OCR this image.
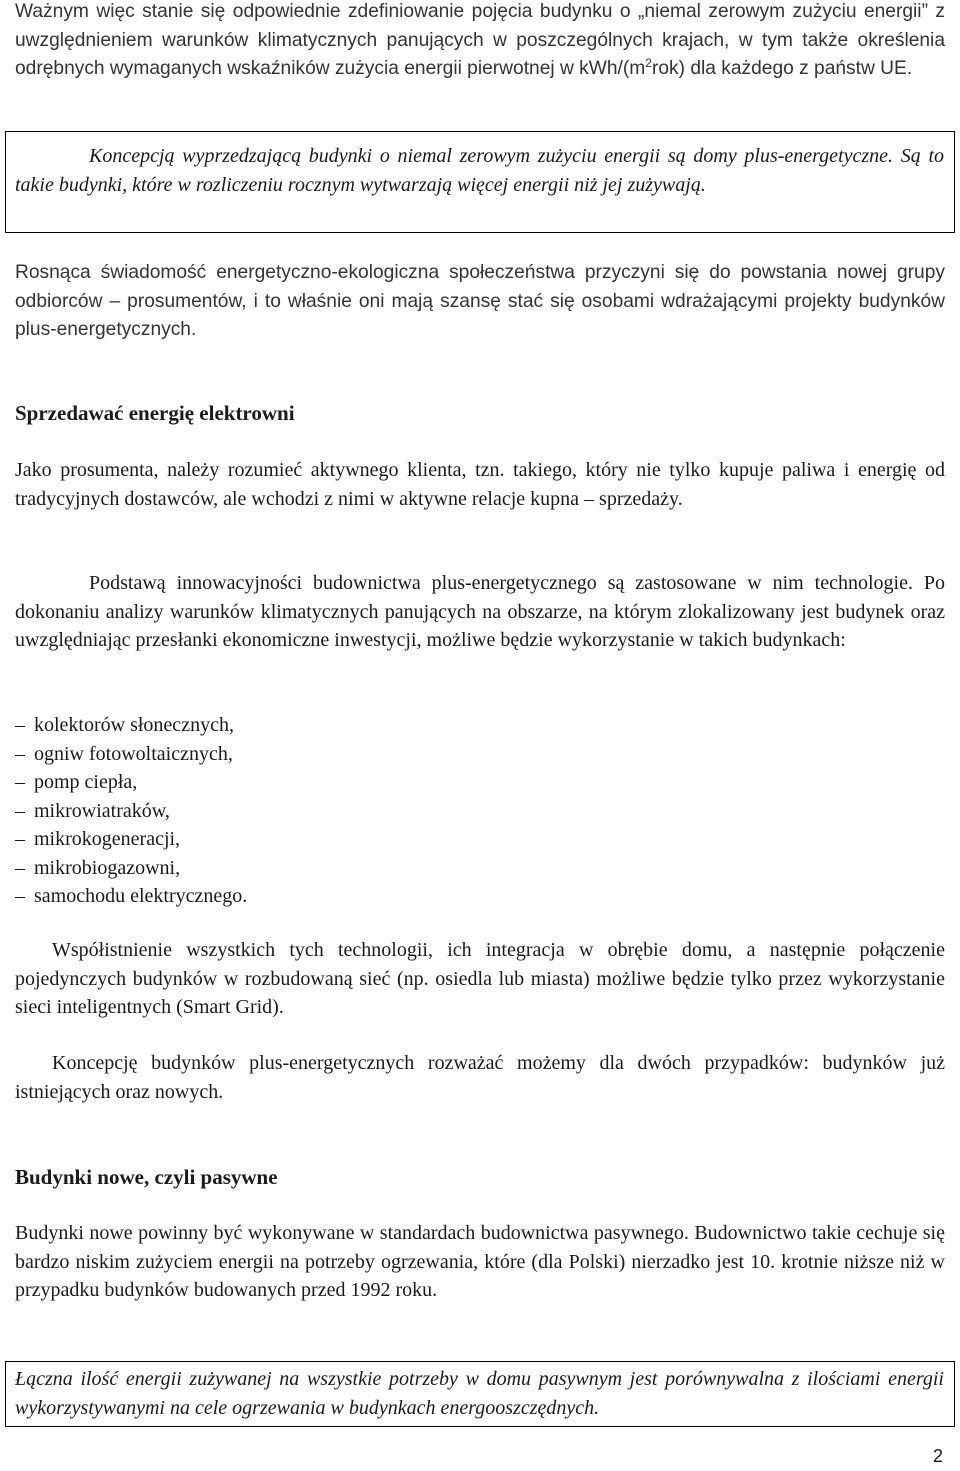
Ważnym więc stanie się odpowiednie zdefiniowanie pojęcia budynku o „niemal zerowym zużyciu energii” z uwzględnieniem warunków klimatycznych panujących w poszczególnych krajach, w tym także określenia odrębnych wymaganych wskaźników zużycia energii pierwotnej w kWh/$(m^2rok)$ dla każdego z państw UE.
Koncepcją wyprzedzającą budynki o niemal zerowym zużyciu energii są domy plus-energetyczne. Są to takie budynki, które w rozliczeniu rocznym wytwarzają więcej energii niż jej zużywają.
Rosnąca świadomość energetyczno-ekologiczna społeczeństwa przyczyni się do powstania nowej grupy odbiorców – prosumentów, i to właśnie oni mają szansę stać się osobami wdrażającymi projekty budynków plus-energetycznych.
Sprzedawać energię elektrowni
Jako prosumenta, należy rozumieć aktywnego klienta, tzn. takiego, który nie tylko kupuje paliwa i energię od tradycyjnych dostawców, ale wchodzi z nimi w aktywne relacje kupna – sprzedaży.
Podstawą innowacyjności budownictwa plus-energetycznego są zastosowane w nim technologie. Po dokonaniu analizy warunków klimatycznych panujących na obszarze, na którym zlokalizowany jest budynek oraz uwzględniając przesłanki ekonomiczne inwestycji, możliwe będzie wykorzystanie w takich budynkach:
– kolektorów słonecznych,
– ogniw fotowoltaicznych,
– pomp ciepła,
– mikrowiatraków,
– mikrokogeneracji,
– mikrobiogazowni,
– samochodu elektrycznego.
Współistnienie wszystkich tych technologii, ich integracja w obrębie domu, a następnie połączenie pojedynczych budynków w rozbudowaną sieć (np. osiedla lub miasta) możliwe będzie tylko przez wykorzystanie sieci inteligentnych (Smart Grid).
Koncepcję budynków plus-energetycznych rozważać możemy dla dwóch przypadków: budynków już istniejących oraz nowych.
Budynki nowe, czyli pasywne
Budynki nowe powinny być wykonywane w standardach budownictwa pasywnego. Budownictwo takie cechuje się bardzo niskim zużyciem energii na potrzeby ogrzewania, które (dla Polski) nierzadko jest 10. krotnie niższe niż w przypadku budynków budowanych przed 1992 roku.
Łączna ilość energii zużywanej na wszystkie potrzeby w domu pasywnym jest porównywalna z ilościami energii wykorzystywanymi na cele ogrzewania w budynkach energooszczędnych.
2
